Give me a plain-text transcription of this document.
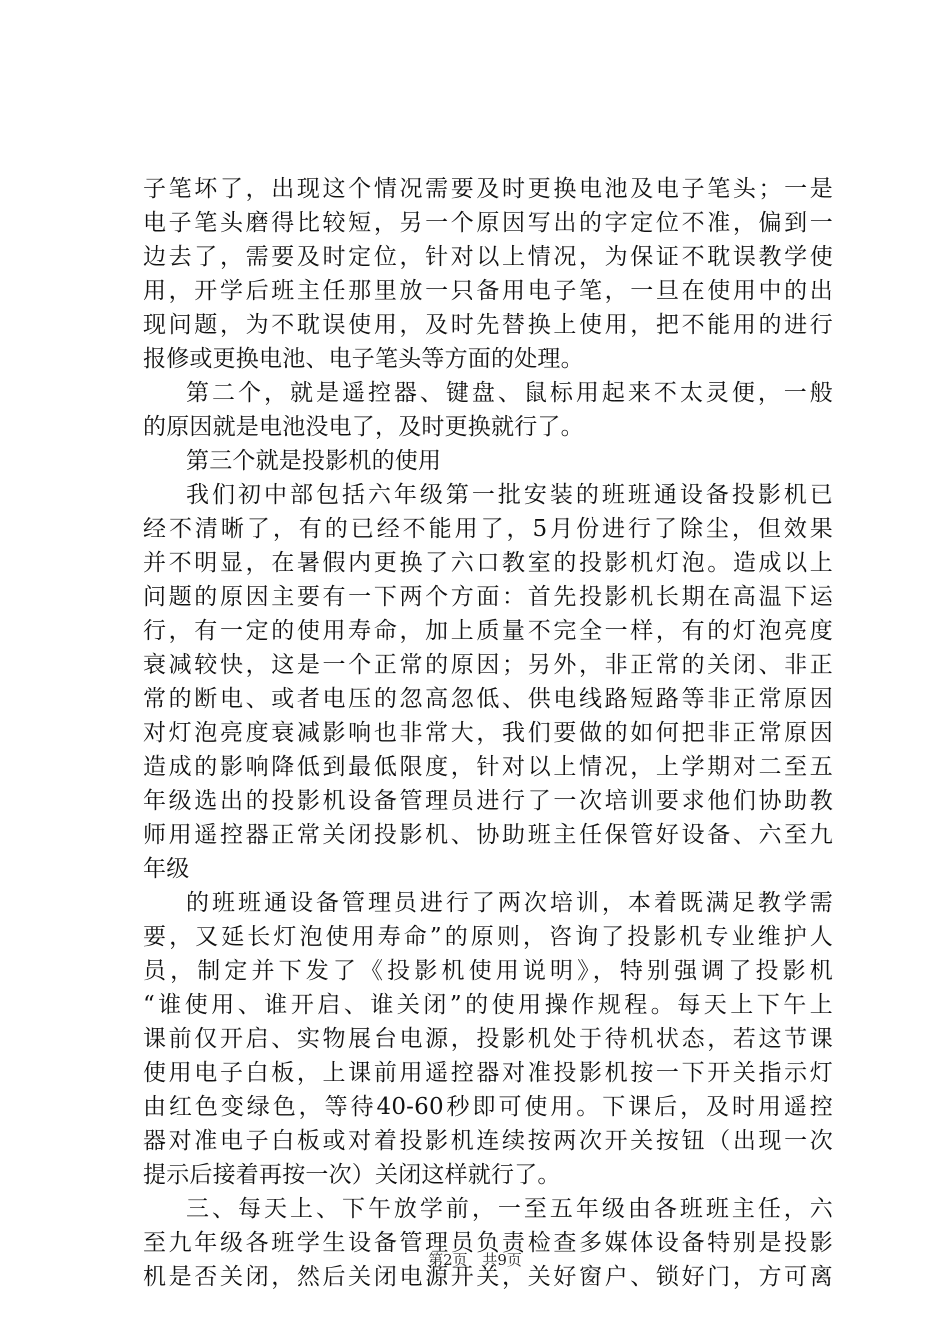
子笔坏了，出现这个情况需要及时更换电池及电子笔头；一是
电子笔头磨得比较短，另一个原因写出的字定位不准，偏到一
边去了，需要及时定位，针对以上情况，为保证不耽误教学使
用，开学后班主任那里放一只备用电子笔，一旦在使用中的出
现问题，为不耽误使用，及时先替换上使用，把不能用的进行
报修或更换电池、电子笔头等方面的处理。
第二个，就是遥控器、键盘、鼠标用起来不太灵便，一般
的原因就是电池没电了，及时更换就行了。
第三个就是投影机的使用
我们初中部包括六年级第一批安装的班班通设备投影机已
经不清晰了，有的已经不能用了，5月份进行了除尘，但效果
并不明显，在暑假内更换了六口教室的投影机灯泡。造成以上
问题的原因主要有一下两个方面：首先投影机长期在高温下运
行，有一定的使用寿命，加上质量不完全一样，有的灯泡亮度
衰减较快，这是一个正常的原因；另外，非正常的关闭、非正
常的断电、或者电压的忽高忽低、供电线路短路等非正常原因
对灯泡亮度衰减影响也非常大，我们要做的如何把非正常原因
造成的影响降低到最低限度，针对以上情况，上学期对二至五
年级选出的投影机设备管理员进行了一次培训要求他们协助教
师用遥控器正常关闭投影机、协助班主任保管好设备、六至九
年级
的班班通设备管理员进行了两次培训，本着既满足教学需
要，又延长灯泡使用寿命”的原则，咨询了投影机专业维护人
员，制定并下发了《投影机使用说明》，特别强调了投影机
“谁使用、谁开启、谁关闭”的使用操作规程。每天上下午上
课前仅开启、实物展台电源，投影机处于待机状态，若这节课
使用电子白板，上课前用遥控器对准投影机按一下开关指示灯
由红色变绿色，等待40-60秒即可使用。下课后，及时用遥控
器对准电子白板或对着投影机连续按两次开关按钮（出现一次
提示后接着再按一次）关闭这样就行了。
三、每天上、下午放学前，一至五年级由各班班主任，六
至九年级各班学生设备管理员负责检查多媒体设备特别是投影
机是否关闭，然后关闭电源开关，关好窗户、锁好门，方可离
第2页 共9页
